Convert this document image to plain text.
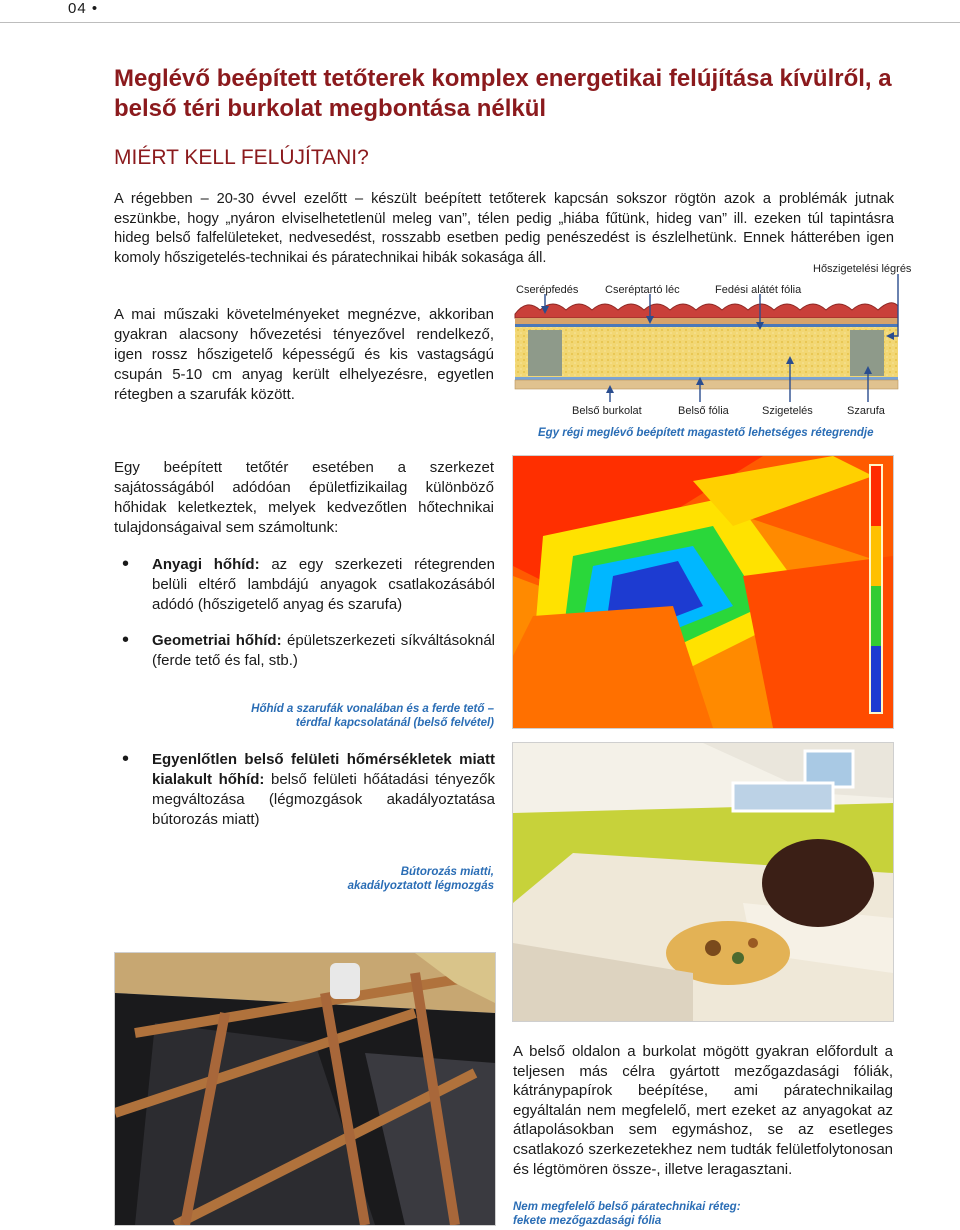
04 •
Meglévő beépített tetőterek komplex energetikai felújítása kívülről, a belső téri burkolat megbontása nélkül
MIÉRT KELL FELÚJÍTANI?
A régebben – 20-30 évvel ezelőtt – készült beépített tetőterek kapcsán sokszor rögtön azok a problémák jutnak eszünkbe, hogy „nyáron elviselhetetlenül meleg van”, télen pedig „hiába fűtünk, hideg van” ill. ezeken túl tapintásra hideg belső falfelületeket, nedvesedést, rosszabb esetben pedig penészedést is észlelhetünk. Ennek hátterében igen komoly hőszigetelés-technikai és páratechnikai hibák sokasága áll.
Cserépfedés Cseréptartó léc	Fedési alátét fólia
Hőszigetelési légrés
Belső burkolat	Belső fólia	Szigetelés	Szarufa
Egy régi meglévő beépített magastető lehetséges rétegrendje
A mai műszaki követelményeket megnézve, akkoriban gyakran alacsony hővezetési tényezővel rendelkező, igen rossz hőszigetelő képességű és kis vastagságú csupán 5-10 cm anyag került elhelyezésre, egyetlen rétegben a szarufák között.
Egy beépített tetőtér esetében a szerkezet sajátosságából adódóan épületfizikailag különböző hőhidak keletkeztek, melyek kedvezőtlen hőtechnikai tulajdonságaival sem számoltunk:
• Anyagi hőhíd: az egy szerkezeti rétegrenden belüli eltérő lambdájú anyagok csatlakozásából adódó (hőszigetelő anyag és szarufa)
• Geometriai hőhíd: épületszerkezeti síkváltásoknál (ferde tető és fal, stb.)
Hőhíd a szarufák vonalában és a ferde tető –
térdfal kapcsolatánál (belső felvétel)
• Egyenlőtlen belső felületi hőmérsékletek miatt kialakult hőhíd: belső felületi hőátadási tényezők megváltozása (légmozgások akadályoztatása bútorozás miatt)
Bútorozás miatti,
akadályoztatott légmozgás
A belső oldalon a burkolat mögött gyakran előfordult a teljesen más célra gyártott mezőgazdasági fóliák, kátránypapírok beépítése, ami páratechnikailag egyáltalán nem megfelelő, mert ezeket az anyagokat az átlapolásokban sem egymáshoz, se az esetleges csatlakozó szerkezetekhez nem tudták felületfolytonosan és légtömören össze-, illetve leragasztani.
Nem megfelelő belső páratechnikai réteg:
fekete mezőgazdasági fólia
